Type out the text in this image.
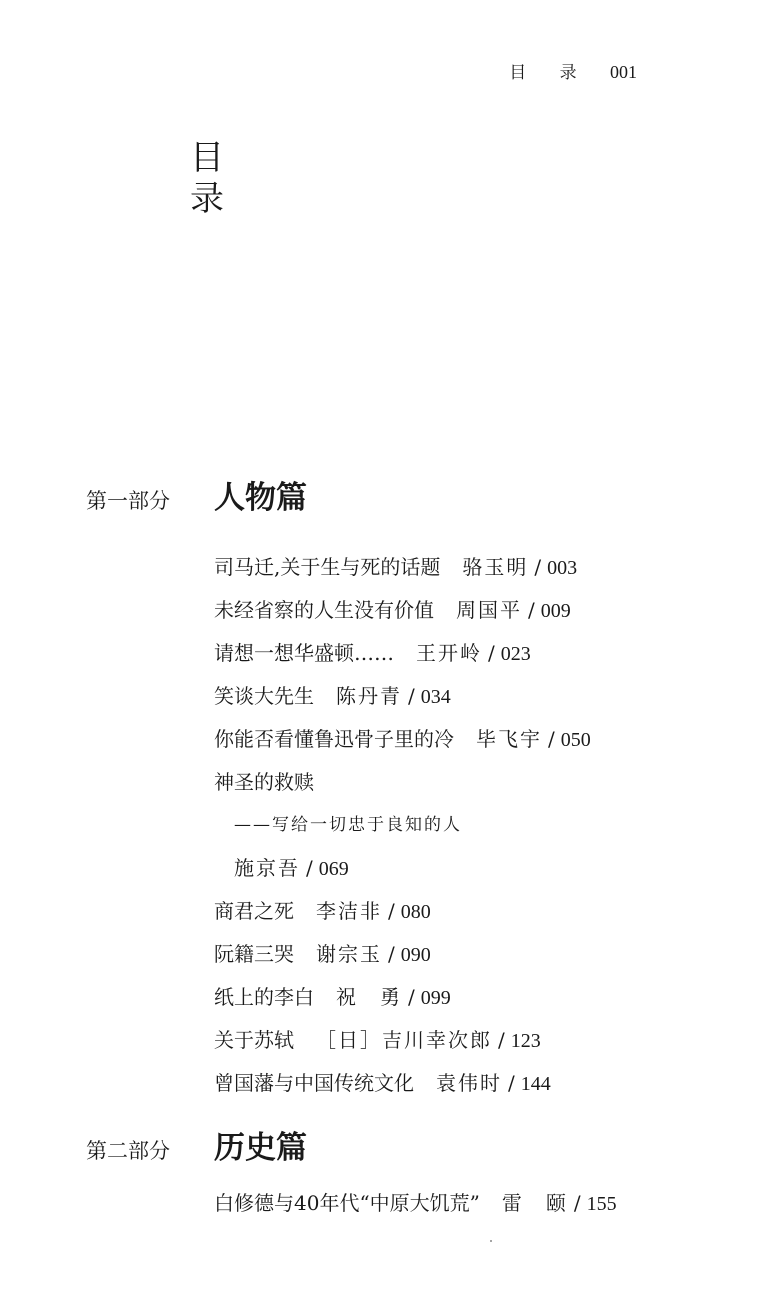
目 录 001
目录
第一部分	人物篇
司马迁,关于生与死的话题 骆玉明 / 003
未经省察的人生没有价值 周国平 / 009
请想一想华盛顿…… 王开岭 / 023
笑谈大先生 陈丹青 / 034
你能否看懂鲁迅骨子里的冷 毕飞宇 / 050
神圣的救赎
——写给一切忠于良知的人
施京吾 / 069
商君之死 李洁非 / 080
阮籍三哭 谢宗玉 / 090
纸上的李白 祝　勇 / 099
关于苏轼 ［日］吉川幸次郎 / 123
曾国藩与中国传统文化 袁伟时 / 144
第二部分	历史篇
白修德与40年代“中原大饥荒” 雷　颐 / 155
